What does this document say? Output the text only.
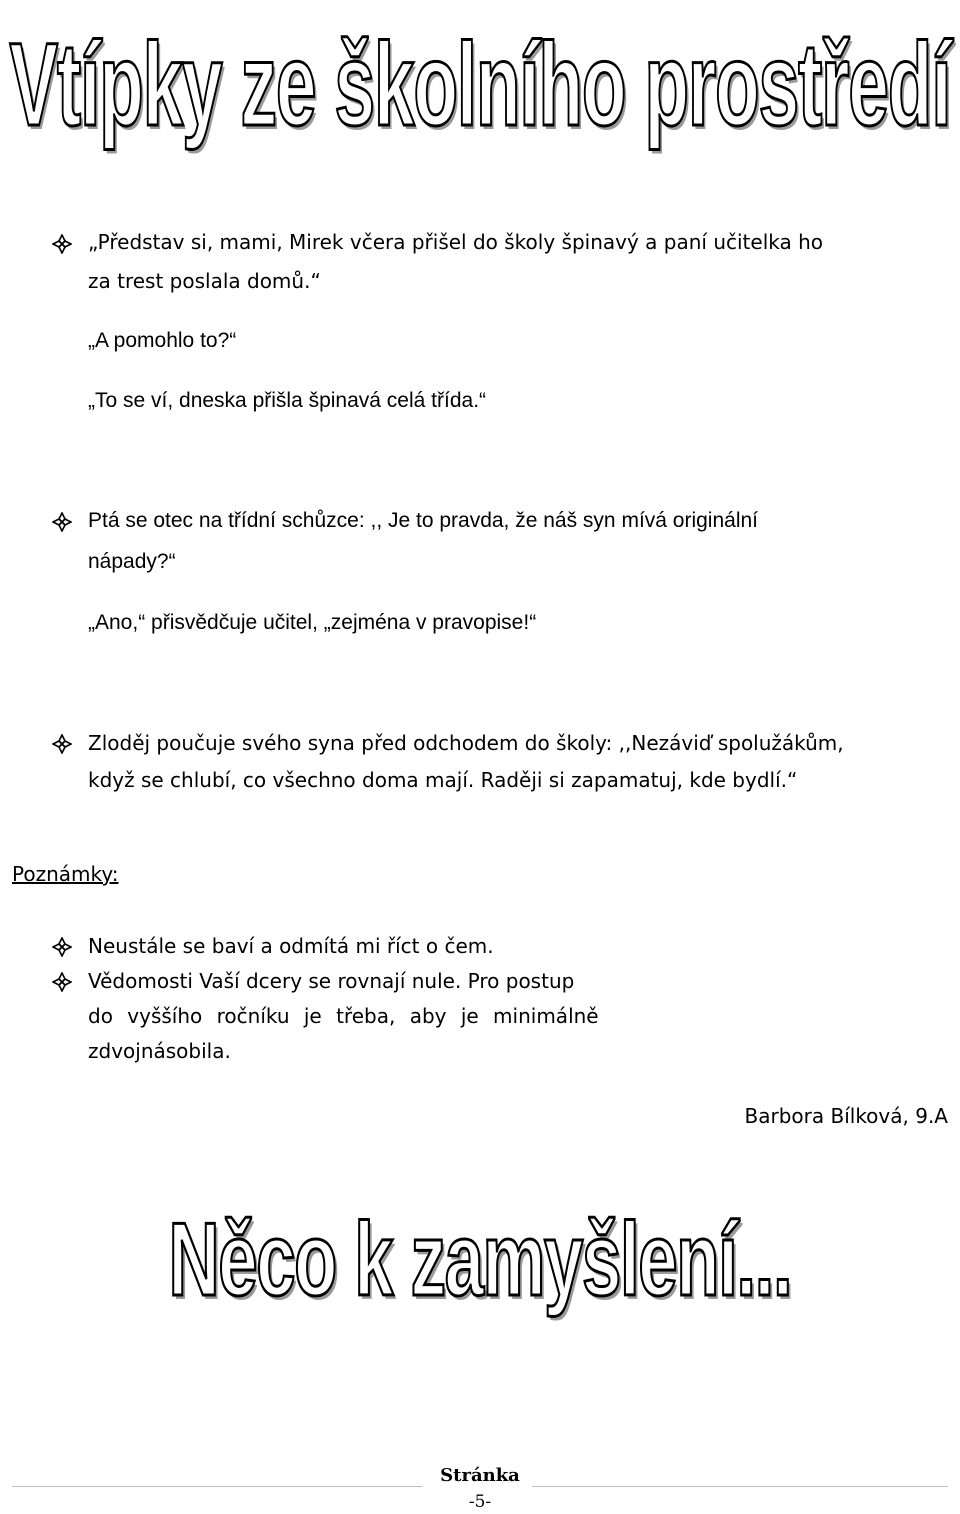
Vtípky ze školního prostředí
„Představ si, mami, Mirek včera přišel do školy špinavý a paní učitelka ho
za trest poslala domů.“
„A pomohlo to?“
„To se ví, dneska přišla špinavá celá třída.“
Ptá se otec na třídní schůzce: ,, Je to pravda, že náš syn mívá originální
nápady?“
„Ano,“ přisvědčuje učitel, „zejména v pravopise!“
Zloděj poučuje svého syna před odchodem do školy: ,,Nezáviď spolužákům,
když se chlubí, co všechno doma mají. Raději si zapamatuj, kde bydlí.“
Poznámky:
Neustále se baví a odmítá mi říct o čem.
Vědomosti Vaší dcery se rovnají nule. Pro postup
do vyššího ročníku je třeba, aby je minimálně
zdvojnásobila.
Barbora Bílková, 9.A
Něco k zamyšlení...
Stránka
-5-
